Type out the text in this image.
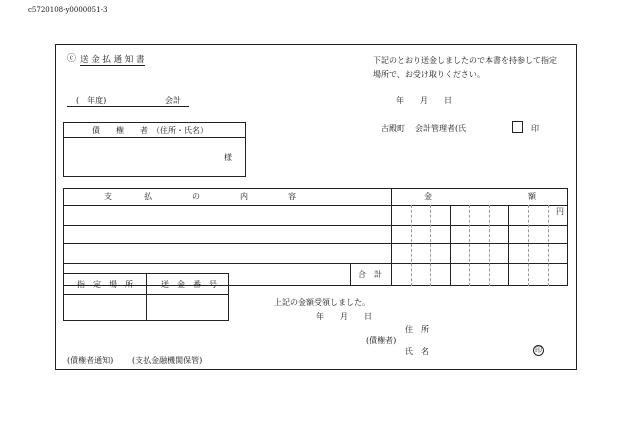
c5720108-y0000051-3
ⓒ 送 金 払 通 知 書	下記のとおり送金しましたので本書を持参して指定
場所で、お受け取りください。
(　年度)	会計	年　　月　　日
債　　権　　者　（住所・氏名）
様
古殿町 会計管理者(氏	印
支　　　　払　　　　　の　　　　　内　　　　　容	金	額
円
合　計
指　定　場　所	送　金　番　号
上記の金額受領しました。
年　　月　　日
住　所
(債権者)
氏　名	印
(債権者通知) (支払金融機関保管)
